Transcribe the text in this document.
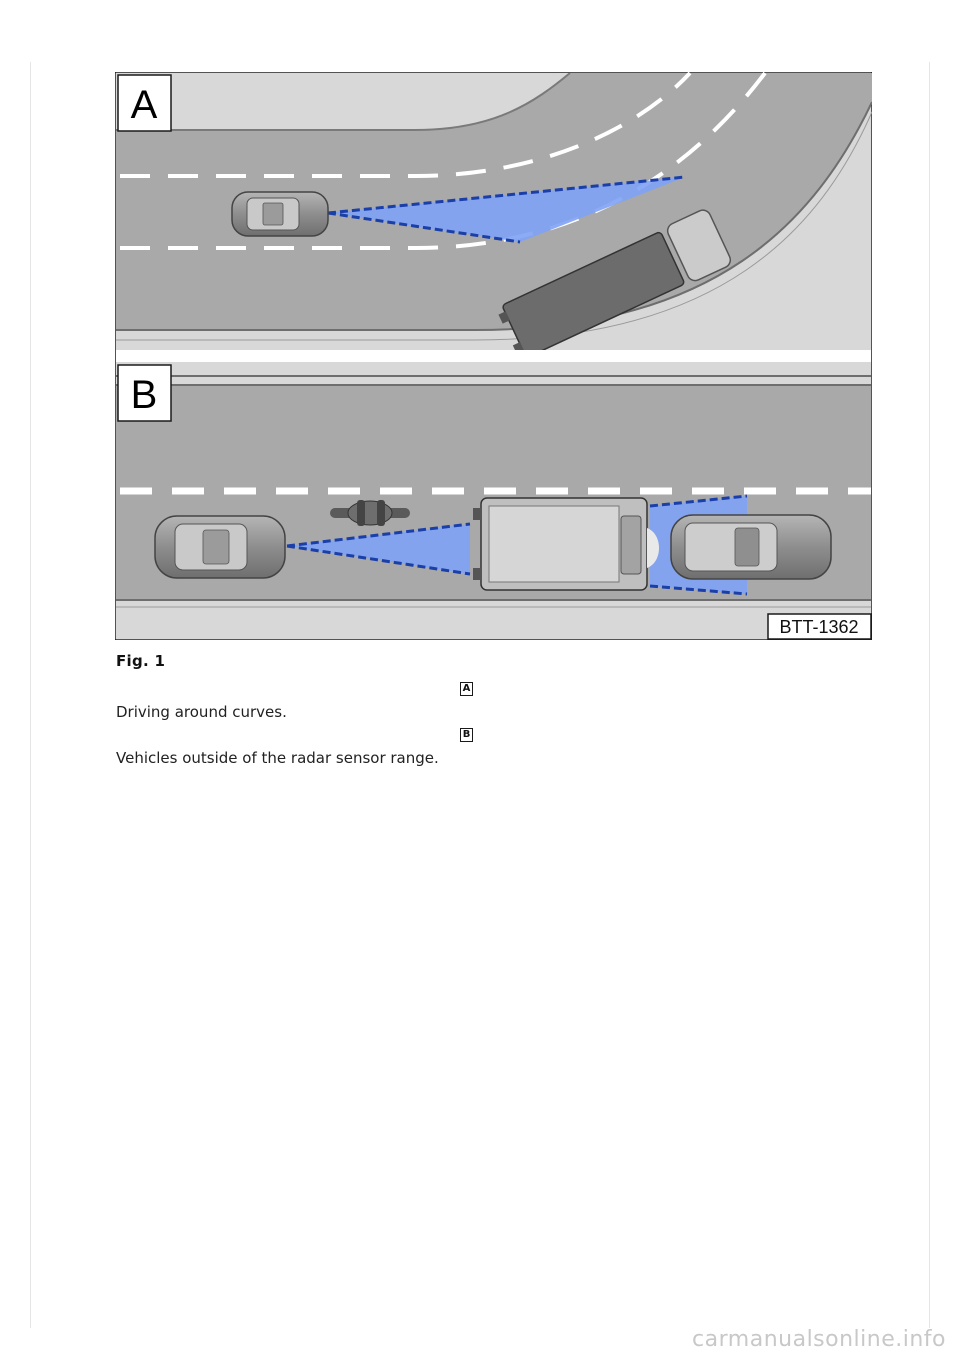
A
B
BTT-1362
Fig. 1
A
Driving around curves.
B
Vehicles outside of the radar sensor range.
carmanualsonline.info
